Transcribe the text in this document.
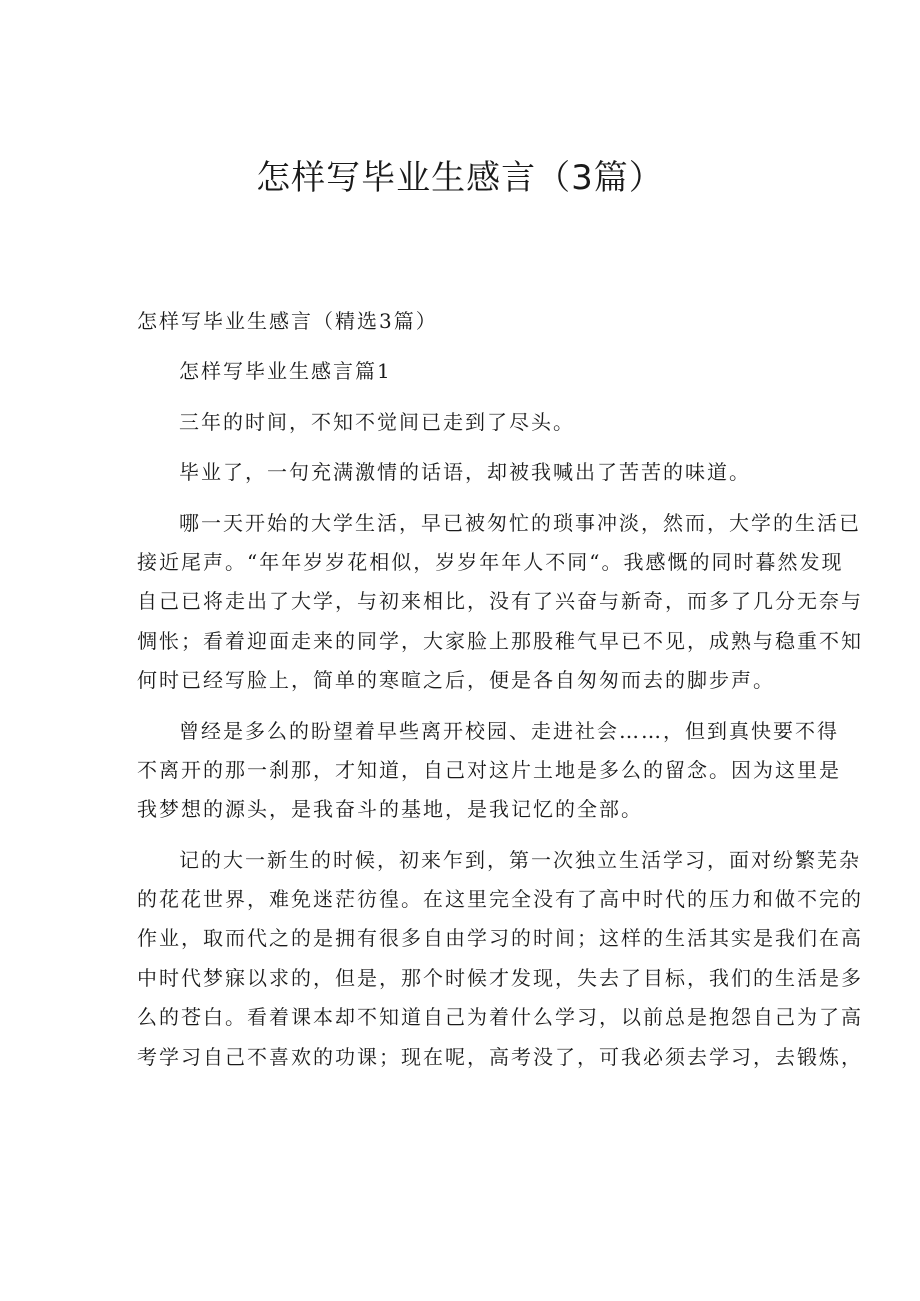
怎样写毕业生感言（3篇）
怎样写毕业生感言（精选3篇）
怎样写毕业生感言篇1
三年的时间，不知不觉间已走到了尽头。
毕业了，一句充满激情的话语，却被我喊出了苦苦的味道。
哪一天开始的大学生活，早已被匆忙的琐事冲淡，然而，大学的生活已
接近尾声。“年年岁岁花相似，岁岁年年人不同“。我感慨的同时暮然发现
自己已将走出了大学，与初来相比，没有了兴奋与新奇，而多了几分无奈与
惆怅；看着迎面走来的同学，大家脸上那股稚气早已不见，成熟与稳重不知
何时已经写脸上，简单的寒暄之后，便是各自匆匆而去的脚步声。
曾经是多么的盼望着早些离开校园、走进社会……，但到真快要不得
不离开的那一刹那，才知道，自己对这片土地是多么的留念。因为这里是
我梦想的源头，是我奋斗的基地，是我记忆的全部。
记的大一新生的时候，初来乍到，第一次独立生活学习，面对纷繁芜杂
的花花世界，难免迷茫彷徨。在这里完全没有了高中时代的压力和做不完的
作业，取而代之的是拥有很多自由学习的时间；这样的生活其实是我们在高
中时代梦寐以求的，但是，那个时候才发现，失去了目标，我们的生活是多
么的苍白。看着课本却不知道自己为着什么学习，以前总是抱怨自己为了高
考学习自己不喜欢的功课；现在呢，高考没了，可我必须去学习，去锻炼，
